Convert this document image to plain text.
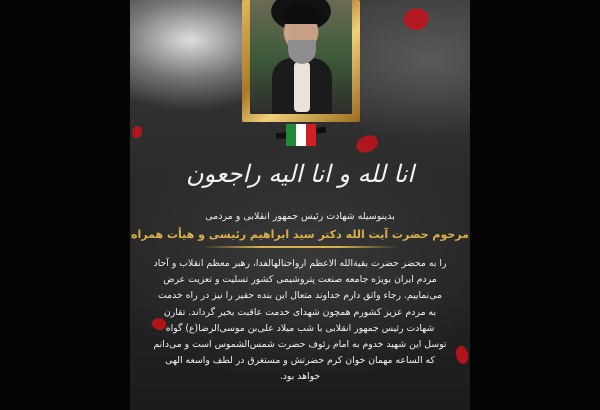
انا لله و انا الیه راجعون
بدینوسیله شهادت رئیس جمهور انقلابی و مردمی
مرحوم حضرت آیت الله دکتر سید ابراهیم رئیسی و هیأت همراه
را به محضر حضرت بقیةالله الاعظم ارواحنالهالفدا، رهبر معظم انقلاب و آحاد
مردم ایران بویژه جامعه صنعت پتروشیمی کشور تسلیت و تعزیت عرض
می‌نماییم. رجاء واثق دارم خداوند متعال این بنده حقیر را نیز در راه خدمت
به مردم عزیز کشورم همچون شهدای خدمت عاقبت بخیر گرداند. تقارن
شهادت رئیس جمهور انقلابی با شب میلاد علی‌بن موسی‌الرضا(ع) گواه
توسل این شهید خدوم به امام رئوف حضرت شمس‌الشموس است و می‌دانم
که الساعه مهمان خوان کرم حضرتش و مستغرق در لطف واسعه الهی
خواهد بود.
